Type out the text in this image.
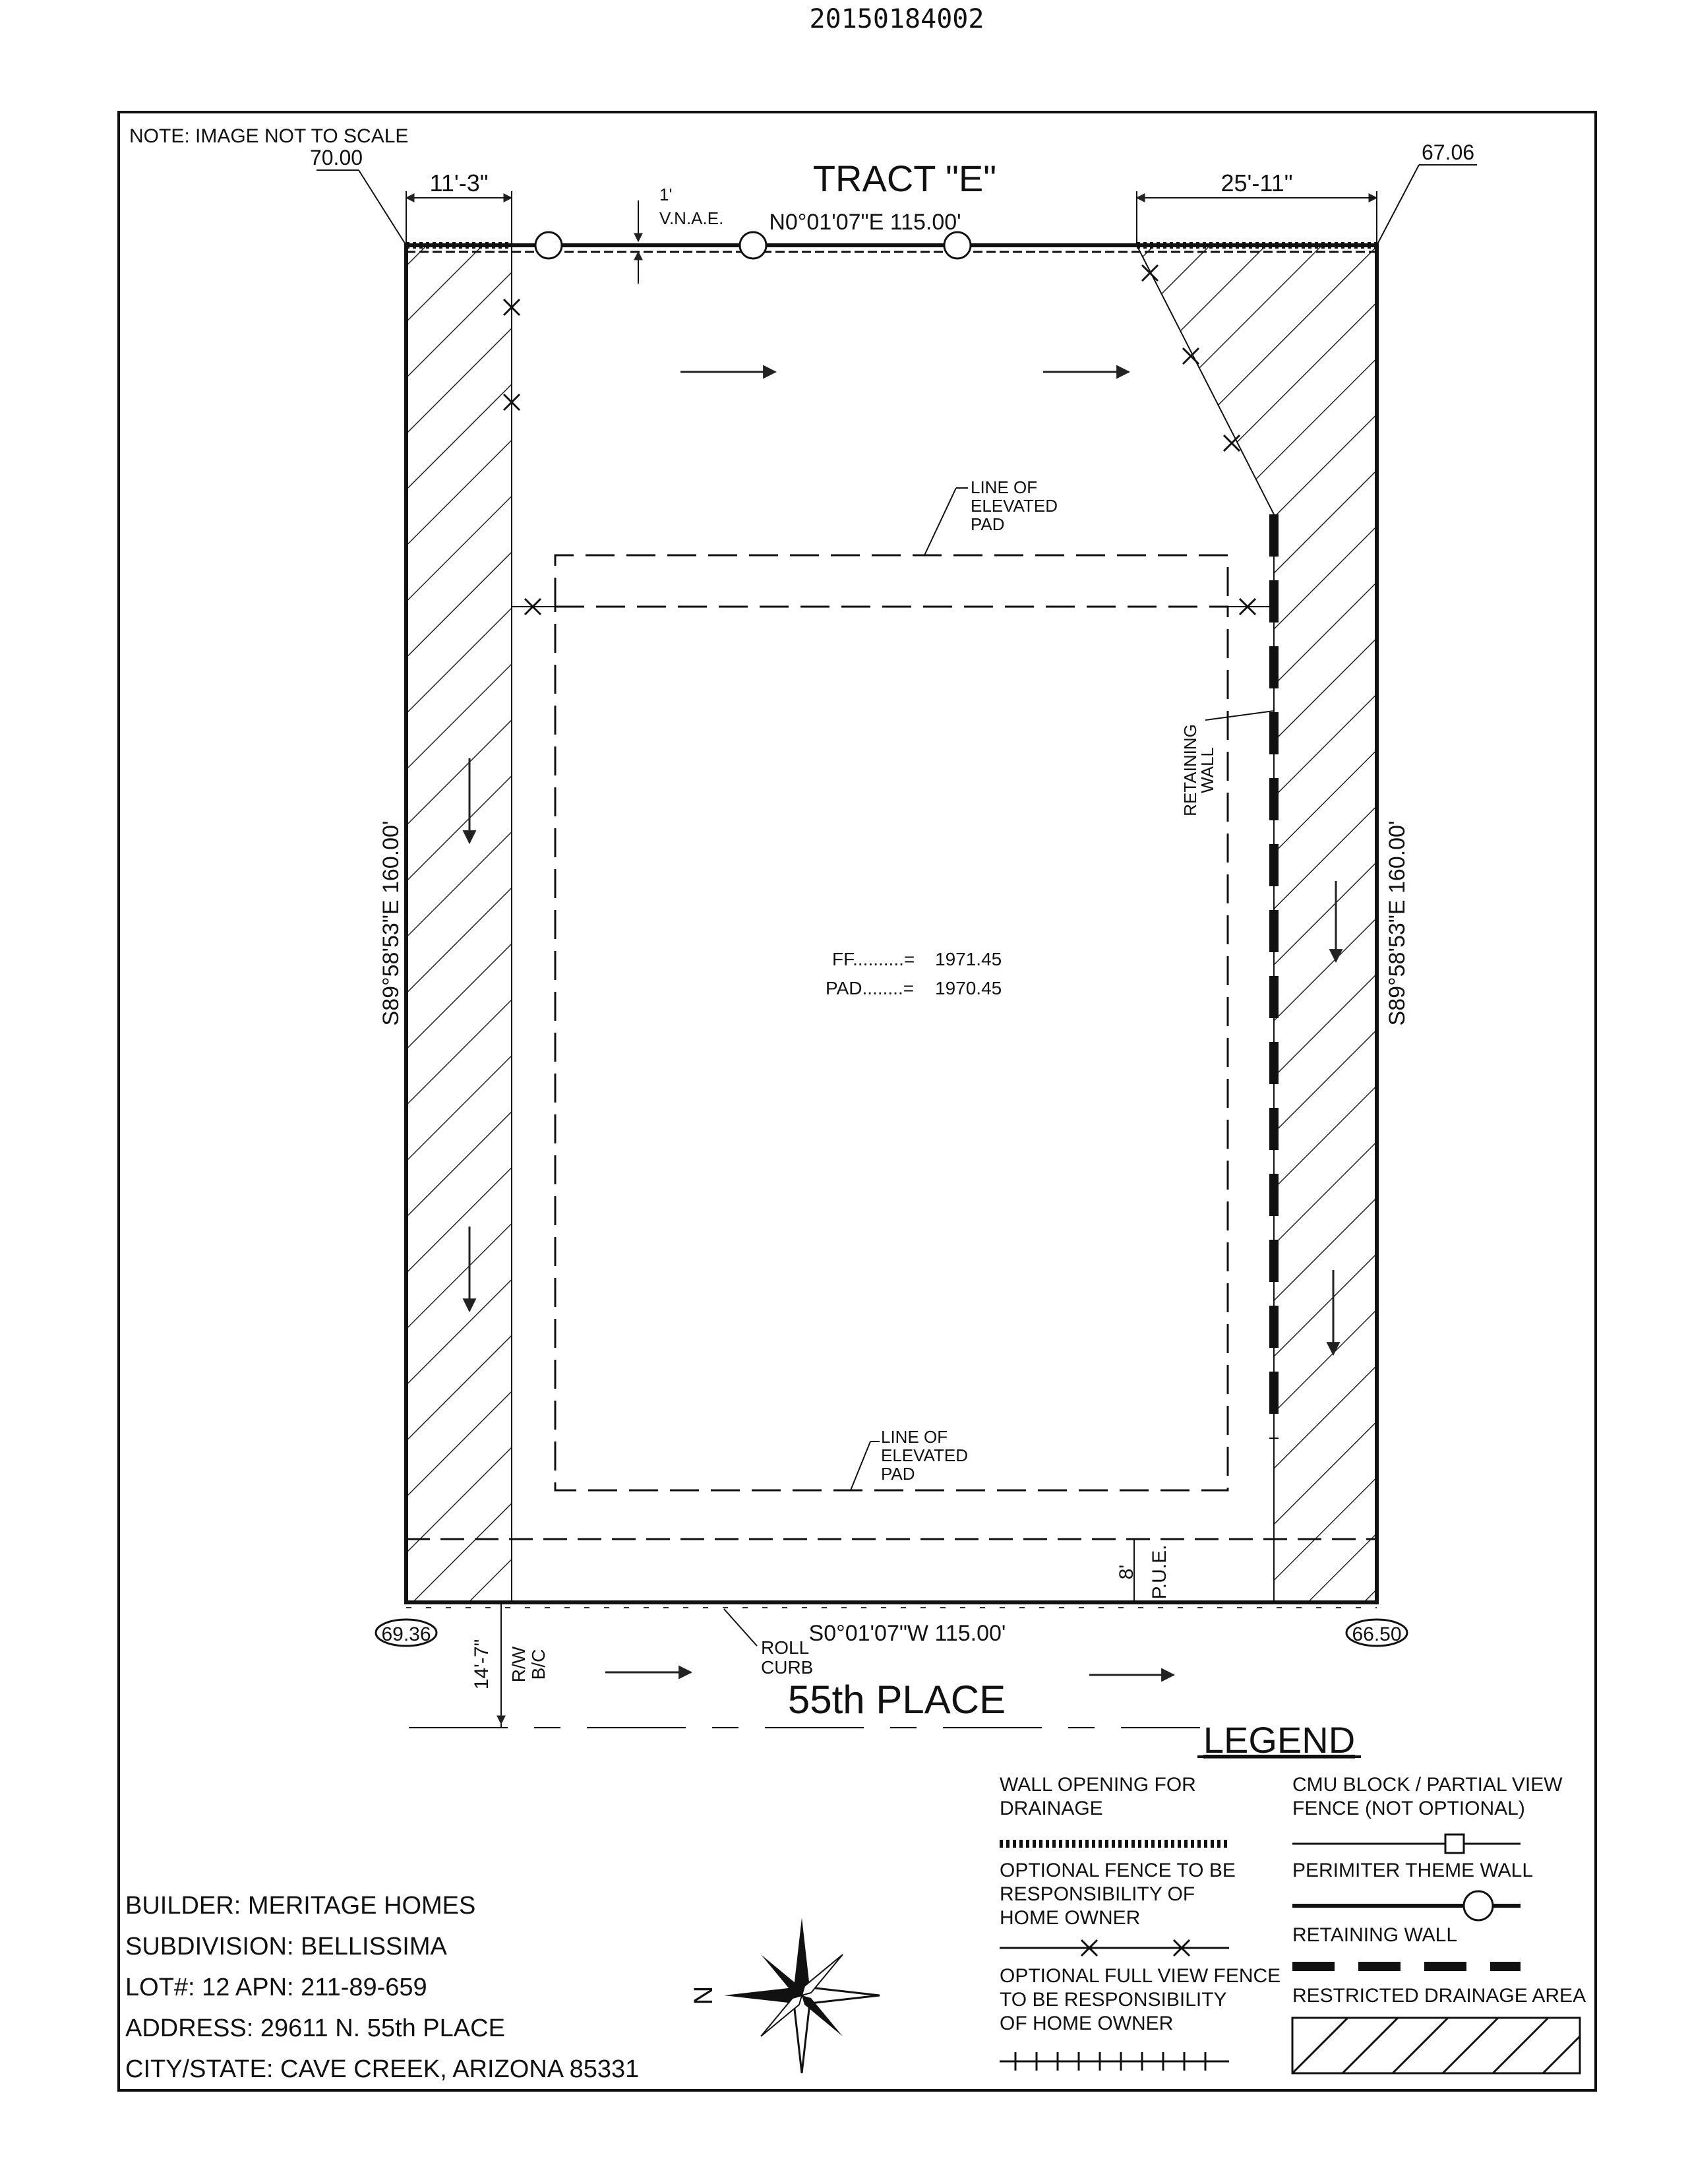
20150184002
NOTE: IMAGE NOT TO SCALE
70.00	67.06
11'-3"	25'-11"
1'
V.N.A.E.
TRACT "E"
N0°01'07"E 115.00'
S89°58'53"E 160.00'	S89°58'53"E 160.00'
LINE OF
ELEVATED
PAD
LINE OF
ELEVATED
PAD
RETAINING
WALL
FF..........= 1971.45
PAD........= 1970.45
8' P.U.E.
69.36	66.50
S0°01'07"W 115.00'
55th PLACE
ROLL
CURB
14'-7" R/W B/C
LEGEND
WALL OPENING FOR
DRAINAGE
OPTIONAL FENCE TO BE
RESPONSIBILITY OF
HOME OWNER
OPTIONAL FULL VIEW FENCE
TO BE RESPONSIBILITY
OF HOME OWNER
CMU BLOCK / PARTIAL VIEW
FENCE (NOT OPTIONAL)
PERIMITER THEME WALL
RETAINING WALL
RESTRICTED DRAINAGE AREA
BUILDER: MERITAGE HOMES
SUBDIVISION: BELLISSIMA
LOT#: 12 APN: 211-89-659
ADDRESS: 29611 N. 55th PLACE
CITY/STATE: CAVE CREEK, ARIZONA 85331
N
